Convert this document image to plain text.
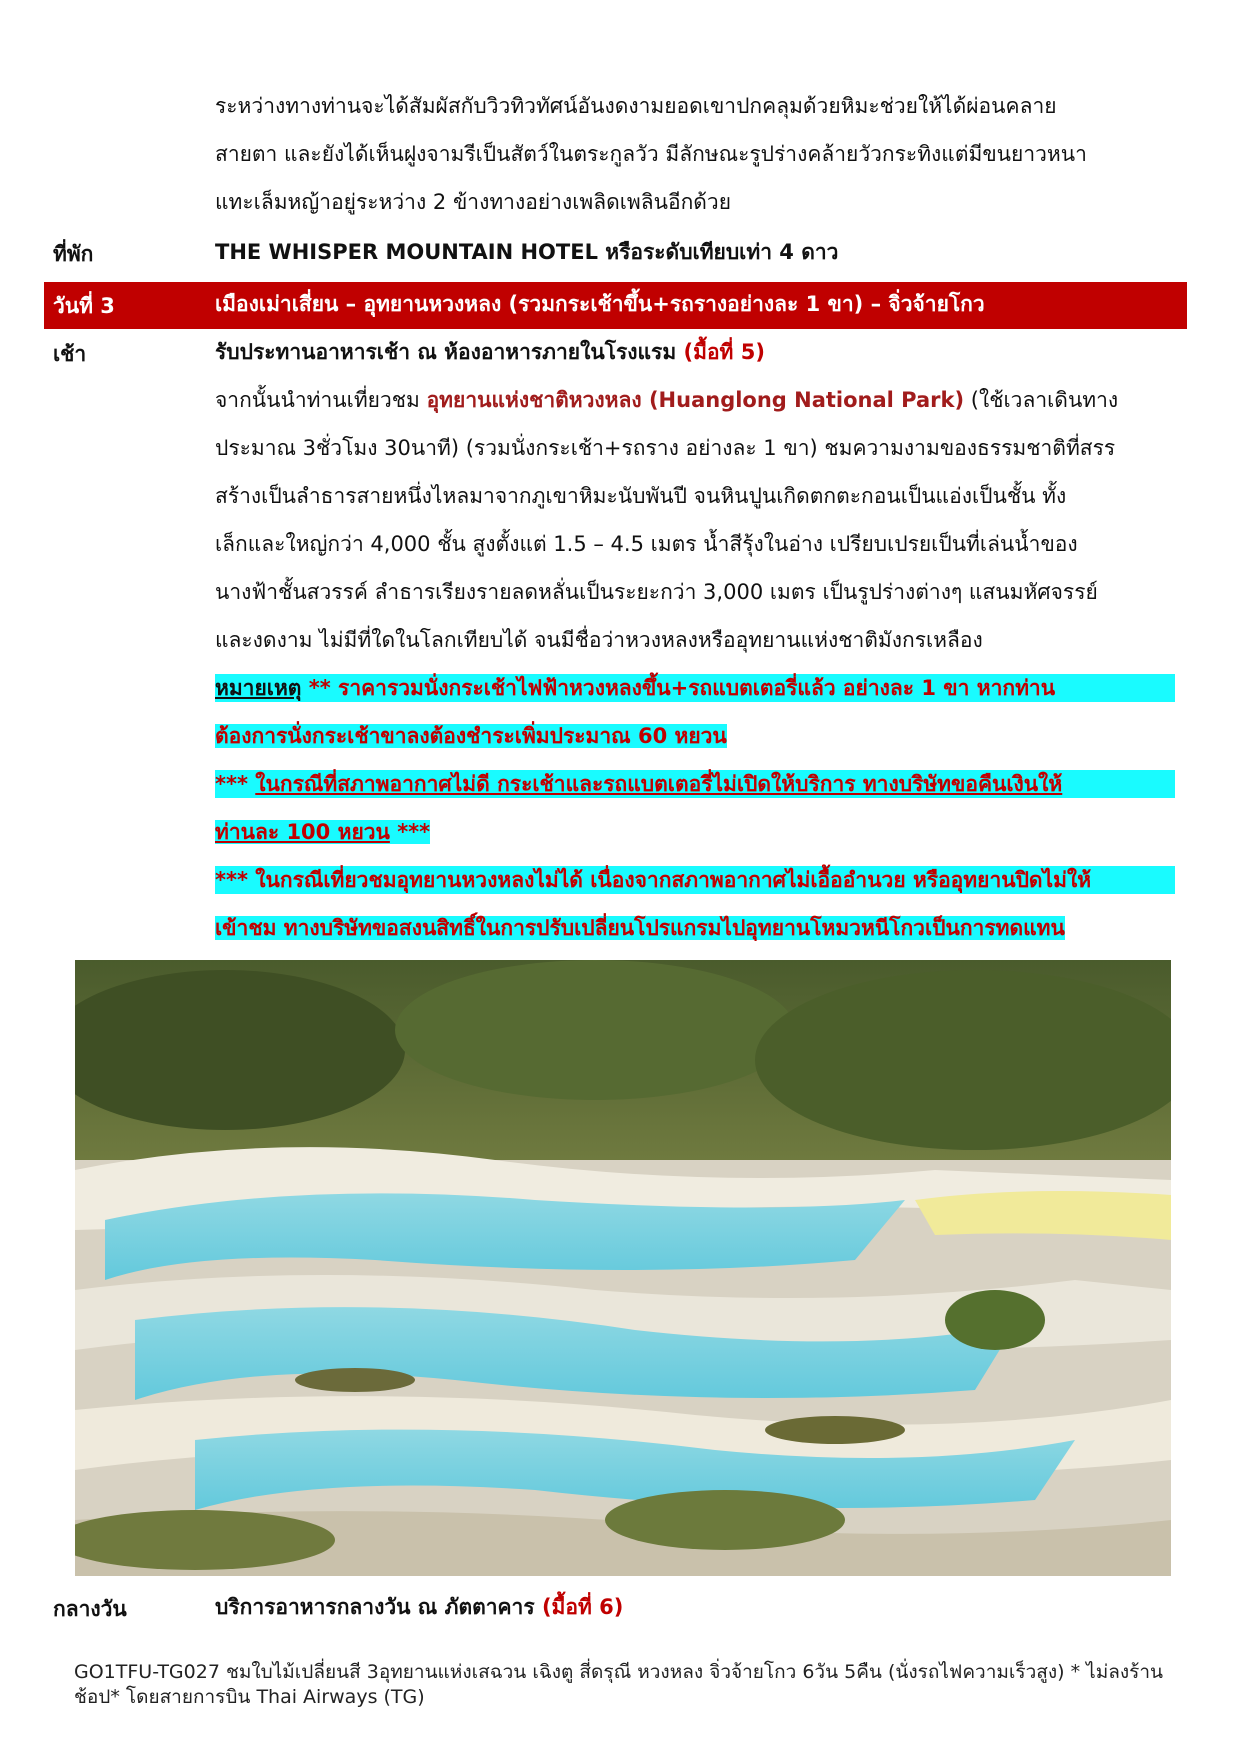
ระหว่างทางท่านจะได้สัมผัสกับวิวทิวทัศน์อันงดงามยอดเขาปกคลุมด้วยหิมะช่วยให้ได้ผ่อนคลาย
สายตา และยังได้เห็นฝูงจามรีเป็นสัตว์ในตระกูลวัว มีลักษณะรูปร่างคล้ายวัวกระทิงแต่มีขนยาวหนา
แทะเล็มหญ้าอยู่ระหว่าง 2 ข้างทางอย่างเพลิดเพลินอีกด้วย
ที่พัก	THE WHISPER MOUNTAIN HOTEL หรือระดับเทียบเท่า 4 ดาว
วันที่ 3	เมืองเม่าเสี่ยน – อุทยานหวงหลง (รวมกระเช้าขึ้น+รถรางอย่างละ 1 ขา) – จิ่วจ้ายโกว
เช้า	รับประทานอาหารเช้า ณ ห้องอาหารภายในโรงแรม (มื้อที่ 5)
จากนั้นนำท่านเที่ยวชม อุทยานแห่งชาติหวงหลง (Huanglong National Park) (ใช้เวลาเดินทาง
ประมาณ 3ชั่วโมง 30นาที) (รวมนั่งกระเช้า+รถราง อย่างละ 1 ขา) ชมความงามของธรรมชาติที่สรร
สร้างเป็นลำธารสายหนึ่งไหลมาจากภูเขาหิมะนับพันปี จนหินปูนเกิดตกตะกอนเป็นแอ่งเป็นชั้น ทั้ง
เล็กและใหญ่กว่า 4,000 ชั้น สูงตั้งแต่ 1.5 – 4.5 เมตร น้ำสีรุ้งในอ่าง เปรียบเปรยเป็นที่เล่นน้ำของ
นางฟ้าชั้นสวรรค์ ลำธารเรียงรายลดหลั่นเป็นระยะกว่า 3,000 เมตร เป็นรูปร่างต่างๆ แสนมหัศจรรย์
และงดงาม ไม่มีที่ใดในโลกเทียบได้ จนมีชื่อว่าหวงหลงหรืออุทยานแห่งชาติมังกรเหลือง
หมายเหตุ ** ราคารวมนั่งกระเช้าไฟฟ้าหวงหลงขึ้น+รถแบตเตอรี่แล้ว อย่างละ 1 ขา หากท่าน
ต้องการนั่งกระเช้าขาลงต้องชำระเพิ่มประมาณ 60 หยวน
*** ในกรณีที่สภาพอากาศไม่ดี กระเช้าและรถแบตเตอรี่ไม่เปิดให้บริการ ทางบริษัทขอคืนเงินให้
ท่านละ 100 หยวน ***
*** ในกรณีเที่ยวชมอุทยานหวงหลงไม่ได้ เนื่องจากสภาพอากาศไม่เอื้ออำนวย หรืออุทยานปิดไม่ให้
เข้าชม ทางบริษัทขอสงนสิทธิ์ในการปรับเปลี่ยนโปรแกรมไปอุทยานโหมวหนีโกวเป็นการทดแทน
กลางวัน	บริการอาหารกลางวัน ณ ภัตตาคาร (มื้อที่ 6)
GO1TFU-TG027 ชมใบไม้เปลี่ยนสี 3อุทยานแห่งเสฉวน เฉิงตู สี่ดรุณี หวงหลง จิ่วจ้ายโกว 6วัน 5คืน (นั่งรถไฟความเร็วสูง) * ไม่ลงร้านช้อป* โดยสายการบิน Thai Airways (TG)
